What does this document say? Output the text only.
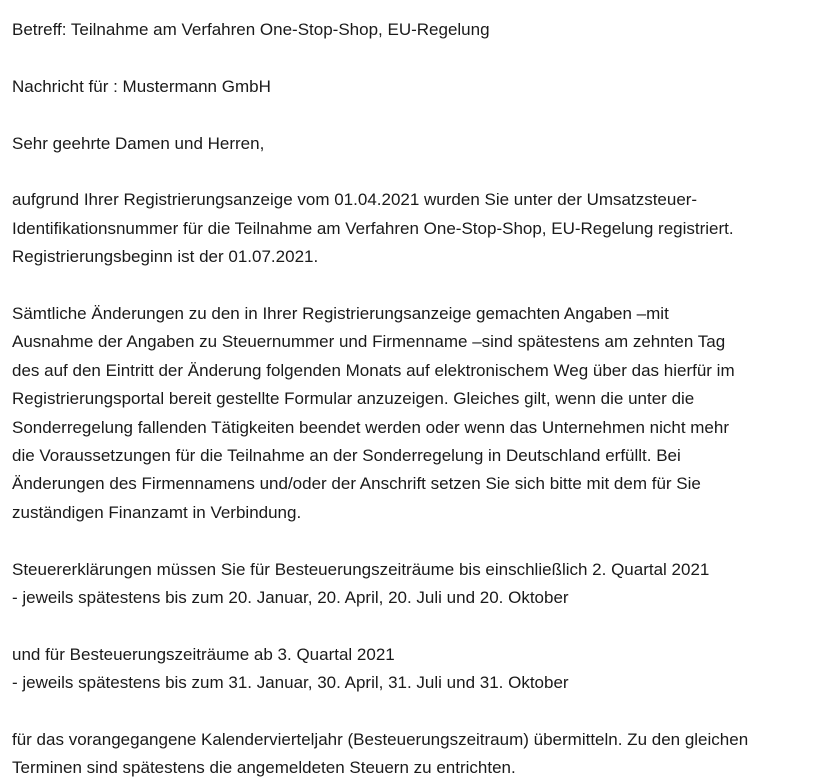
Betreff: Teilnahme am Verfahren One-Stop-Shop, EU-Regelung
Nachricht für : Mustermann GmbH
Sehr geehrte Damen und Herren,
aufgrund Ihrer Registrierungsanzeige vom 01.04.2021 wurden Sie unter der Umsatzsteuer-
Identifikationsnummer für die Teilnahme am Verfahren One-Stop-Shop, EU-Regelung registriert.
Registrierungsbeginn ist der 01.07.2021.
Sämtliche Änderungen zu den in Ihrer Registrierungsanzeige gemachten Angaben –mit
Ausnahme der Angaben zu Steuernummer und Firmenname –sind spätestens am zehnten Tag
des auf den Eintritt der Änderung folgenden Monats auf elektronischem Weg über das hierfür im
Registrierungsportal bereit gestellte Formular anzuzeigen. Gleiches gilt, wenn die unter die
Sonderregelung fallenden Tätigkeiten beendet werden oder wenn das Unternehmen nicht mehr
die Voraussetzungen für die Teilnahme an der Sonderregelung in Deutschland erfüllt. Bei
Änderungen des Firmennamens und/oder der Anschrift setzen Sie sich bitte mit dem für Sie
zuständigen Finanzamt in Verbindung.
Steuererklärungen müssen Sie für Besteuerungszeiträume bis einschließlich 2. Quartal 2021
- jeweils spätestens bis zum 20. Januar, 20. April, 20. Juli und 20. Oktober
und für Besteuerungszeiträume ab 3. Quartal 2021
- jeweils spätestens bis zum 31. Januar, 30. April, 31. Juli und 31. Oktober
für das vorangegangene Kalendervierteljahr (Besteuerungszeitraum) übermitteln. Zu den gleichen
Terminen sind spätestens die angemeldeten Steuern zu entrichten.
